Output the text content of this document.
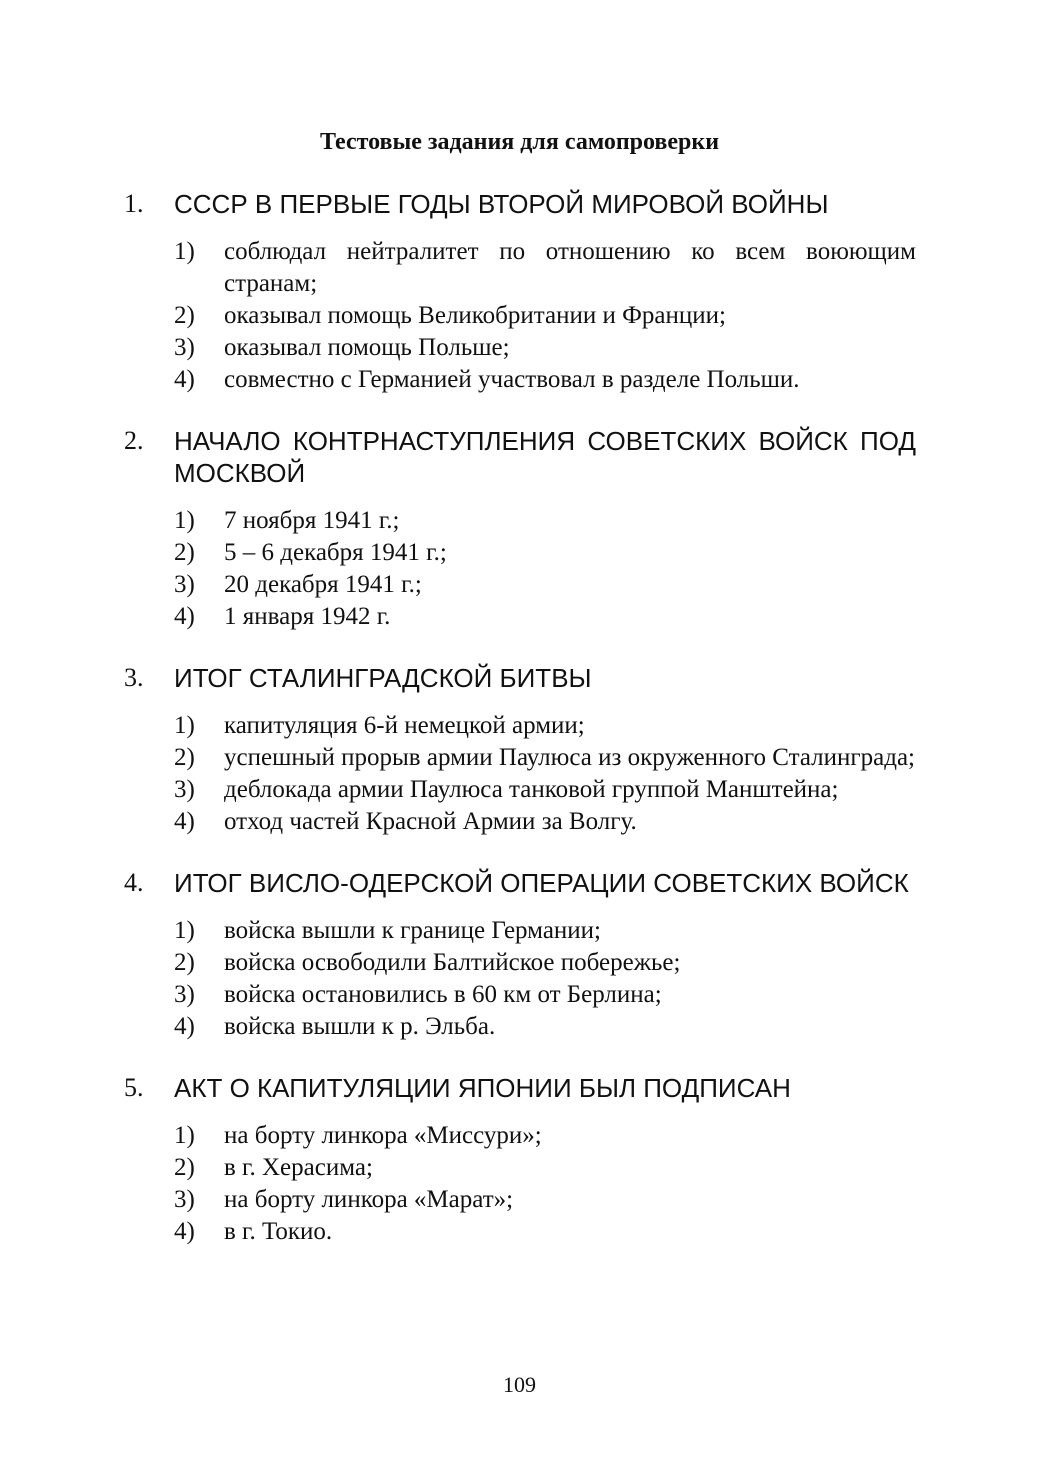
Тестовые задания для самопроверки
1.	СССР В ПЕРВЫЕ ГОДЫ ВТОРОЙ МИРОВОЙ ВОЙНЫ
1)	соблюдал нейтралитет по отношению ко всем воюющим странам;
2)	оказывал помощь Великобритании и Франции;
3)	оказывал помощь Польше;
4)	совместно с Германией участвовал в разделе Польши.
2.	НАЧАЛО КОНТРНАСТУПЛЕНИЯ СОВЕТСКИХ ВОЙСК ПОД МОСКВОЙ
1)	7 ноября 1941 г.;
2)	5 – 6 декабря 1941 г.;
3)	20 декабря 1941 г.;
4)	1 января 1942 г.
3.	ИТОГ СТАЛИНГРАДСКОЙ БИТВЫ
1)	капитуляция 6-й немецкой армии;
2)	успешный прорыв армии Паулюса из окруженного Сталинграда;
3)	деблокада армии Паулюса танковой группой Манштейна;
4)	отход частей Красной Армии за Волгу.
4.	ИТОГ ВИСЛО-ОДЕРСКОЙ ОПЕРАЦИИ СОВЕТСКИХ ВОЙСК
1)	войска вышли к границе Германии;
2)	войска освободили Балтийское побережье;
3)	войска остановились в 60 км от Берлина;
4)	войска вышли к р. Эльба.
5.	АКТ О КАПИТУЛЯЦИИ ЯПОНИИ БЫЛ ПОДПИСАН
1)	на борту линкора «Миссури»;
2)	в г. Херасима;
3)	на борту линкора «Марат»;
4)	в г. Токио.
109
